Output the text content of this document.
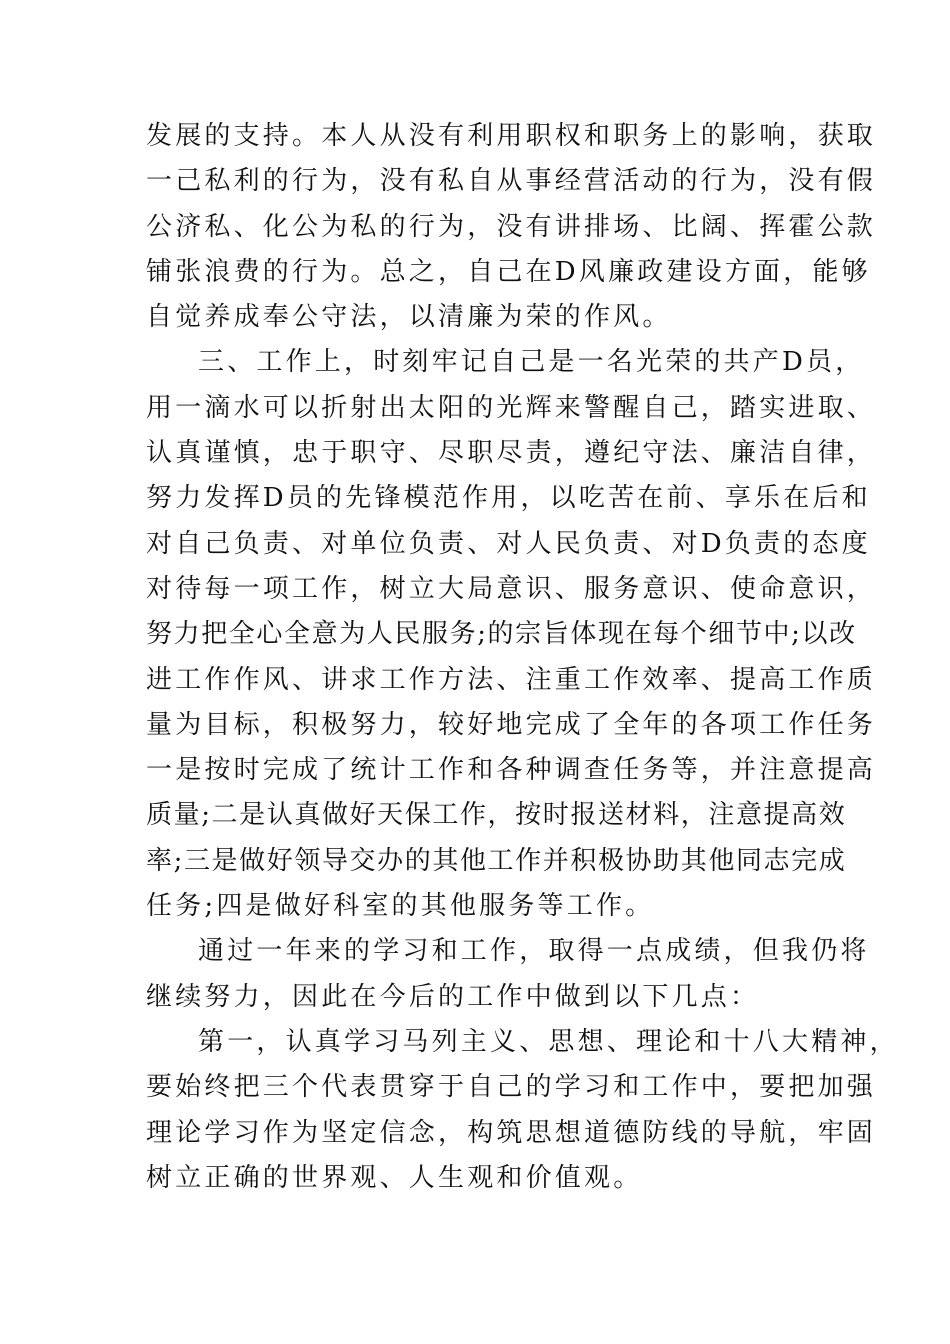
发展的支持。本人从没有利用职权和职务上的影响，获取
一己私利的行为，没有私自从事经营活动的行为，没有假
公济私、化公为私的行为，没有讲排场、比阔、挥霍公款
铺张浪费的行为。总之，自己在D风廉政建设方面，能够
自觉养成奉公守法，以清廉为荣的作风。
三、工作上，时刻牢记自己是一名光荣的共产D员，
用一滴水可以折射出太阳的光辉来警醒自己，踏实进取、
认真谨慎，忠于职守、尽职尽责，遵纪守法、廉洁自律，
努力发挥D员的先锋模范作用，以吃苦在前、享乐在后和
对自己负责、对单位负责、对人民负责、对D负责的态度
对待每一项工作，树立大局意识、服务意识、使命意识，
努力把全心全意为人民服务;的宗旨体现在每个细节中;以改
进工作作风、讲求工作方法、注重工作效率、提高工作质
量为目标，积极努力，较好地完成了全年的各项工作任务
一是按时完成了统计工作和各种调查任务等，并注意提高
质量;二是认真做好天保工作，按时报送材料，注意提高效
率;三是做好领导交办的其他工作并积极协助其他同志完成
任务;四是做好科室的其他服务等工作。
通过一年来的学习和工作，取得一点成绩，但我仍将
继续努力，因此在今后的工作中做到以下几点：
第一，认真学习马列主义、思想、理论和十八大精神，
要始终把三个代表贯穿于自己的学习和工作中，要把加强
理论学习作为坚定信念，构筑思想道德防线的导航，牢固
树立正确的世界观、人生观和价值观。
